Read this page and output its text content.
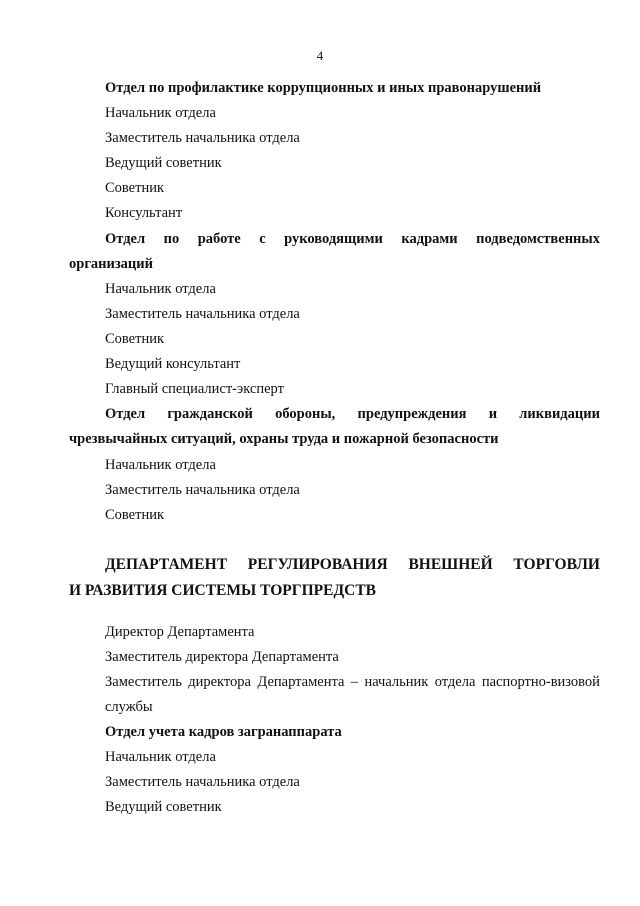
4
Отдел по профилактике коррупционных и иных правонарушений
Начальник отдела
Заместитель начальника отдела
Ведущий советник
Советник
Консультант
Отдел по работе с руководящими кадрами подведомственных
организаций
Начальник отдела
Заместитель начальника отдела
Советник
Ведущий консультант
Главный специалист-эксперт
Отдел гражданской обороны, предупреждения и ликвидации
чрезвычайных ситуаций, охраны труда и пожарной безопасности
Начальник отдела
Заместитель начальника отдела
Советник
ДЕПАРТАМЕНТ РЕГУЛИРОВАНИЯ ВНЕШНЕЙ ТОРГОВЛИ
И РАЗВИТИЯ СИСТЕМЫ ТОРГПРЕДСТВ
Директор Департамента
Заместитель директора Департамента
Заместитель директора Департамента – начальник отдела паспортно-визовой
службы
Отдел учета кадров загранаппарата
Начальник отдела
Заместитель начальника отдела
Ведущий советник
